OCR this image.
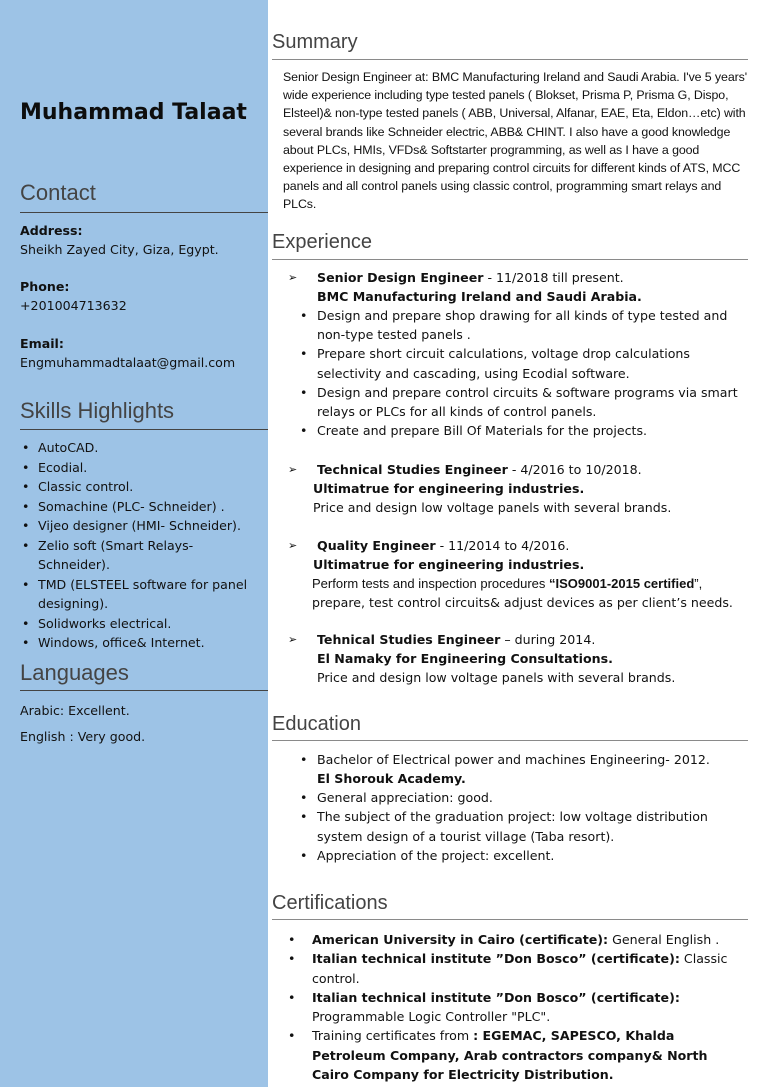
Muhammad Talaat
Contact
Address:
Sheikh Zayed City, Giza, Egypt.
Phone:
+201004713632
Email:
Engmuhammadtalaat@gmail.com
Skills Highlights
• AutoCAD.
• Ecodial.
• Classic control.
• Somachine (PLC- Schneider) .
• Vijeo designer (HMI- Schneider).
• Zelio soft (Smart Relays- Schneider).
• TMD (ELSTEEL software for panel designing).
• Solidworks electrical.
• Windows, office& Internet.
Languages
Arabic: Excellent.
English : Very good.
Summary
Senior Design Engineer at: BMC Manufacturing Ireland and Saudi Arabia. I've 5 years' wide experience including type tested panels ( Blokset, Prisma P, Prisma G, Dispo, Elsteel)& non-type tested panels ( ABB, Universal, Alfanar, EAE, Eta, Eldon…etc) with several brands like Schneider electric, ABB& CHINT. I also have a good knowledge about PLCs, HMIs, VFDs& Softstarter programming, as well as I have a good experience in designing and preparing control circuits for different kinds of ATS, MCC panels and all control panels using classic control, programming smart relays and PLCs.
Experience
➢	Senior Design Engineer - 11/2018 till present.
BMC Manufacturing Ireland and Saudi Arabia.
• Design and prepare shop drawing for all kinds of type tested and non-type tested panels .
• Prepare short circuit calculations, voltage drop calculations selectivity and cascading, using Ecodial software.
• Design and prepare control circuits & software programs via smart relays or PLCs for all kinds of control panels.
• Create and prepare Bill Of Materials for the projects.
➢	Technical Studies Engineer - 4/2016 to 10/2018.
Ultimatrue for engineering industries.
Price and design low voltage panels with several brands.
➢	Quality Engineer - 11/2014 to 4/2016.
Ultimatrue for engineering industries.
Perform tests and inspection procedures “ISO9001-2015 certified”,
prepare, test control circuits& adjust devices as per client’s needs.
➢	Tehnical Studies Engineer – during 2014.
El Namaky for Engineering Consultations.
Price and design low voltage panels with several brands.
Education
• Bachelor of Electrical power and machines Engineering- 2012.
El Shorouk Academy.
• General appreciation: good.
• The subject of the graduation project: low voltage distribution system design of a tourist village (Taba resort).
• Appreciation of the project: excellent.
Certifications
• American University in Cairo (certificate): General English .
• Italian technical institute ”Don Bosco” (certificate): Classic control.
• Italian technical institute ”Don Bosco” (certificate): Programmable Logic Controller "PLC".
• Training certificates from : EGEMAC, SAPESCO, Khalda Petroleum Company, Arab contractors company& North Cairo Company for Electricity Distribution.
